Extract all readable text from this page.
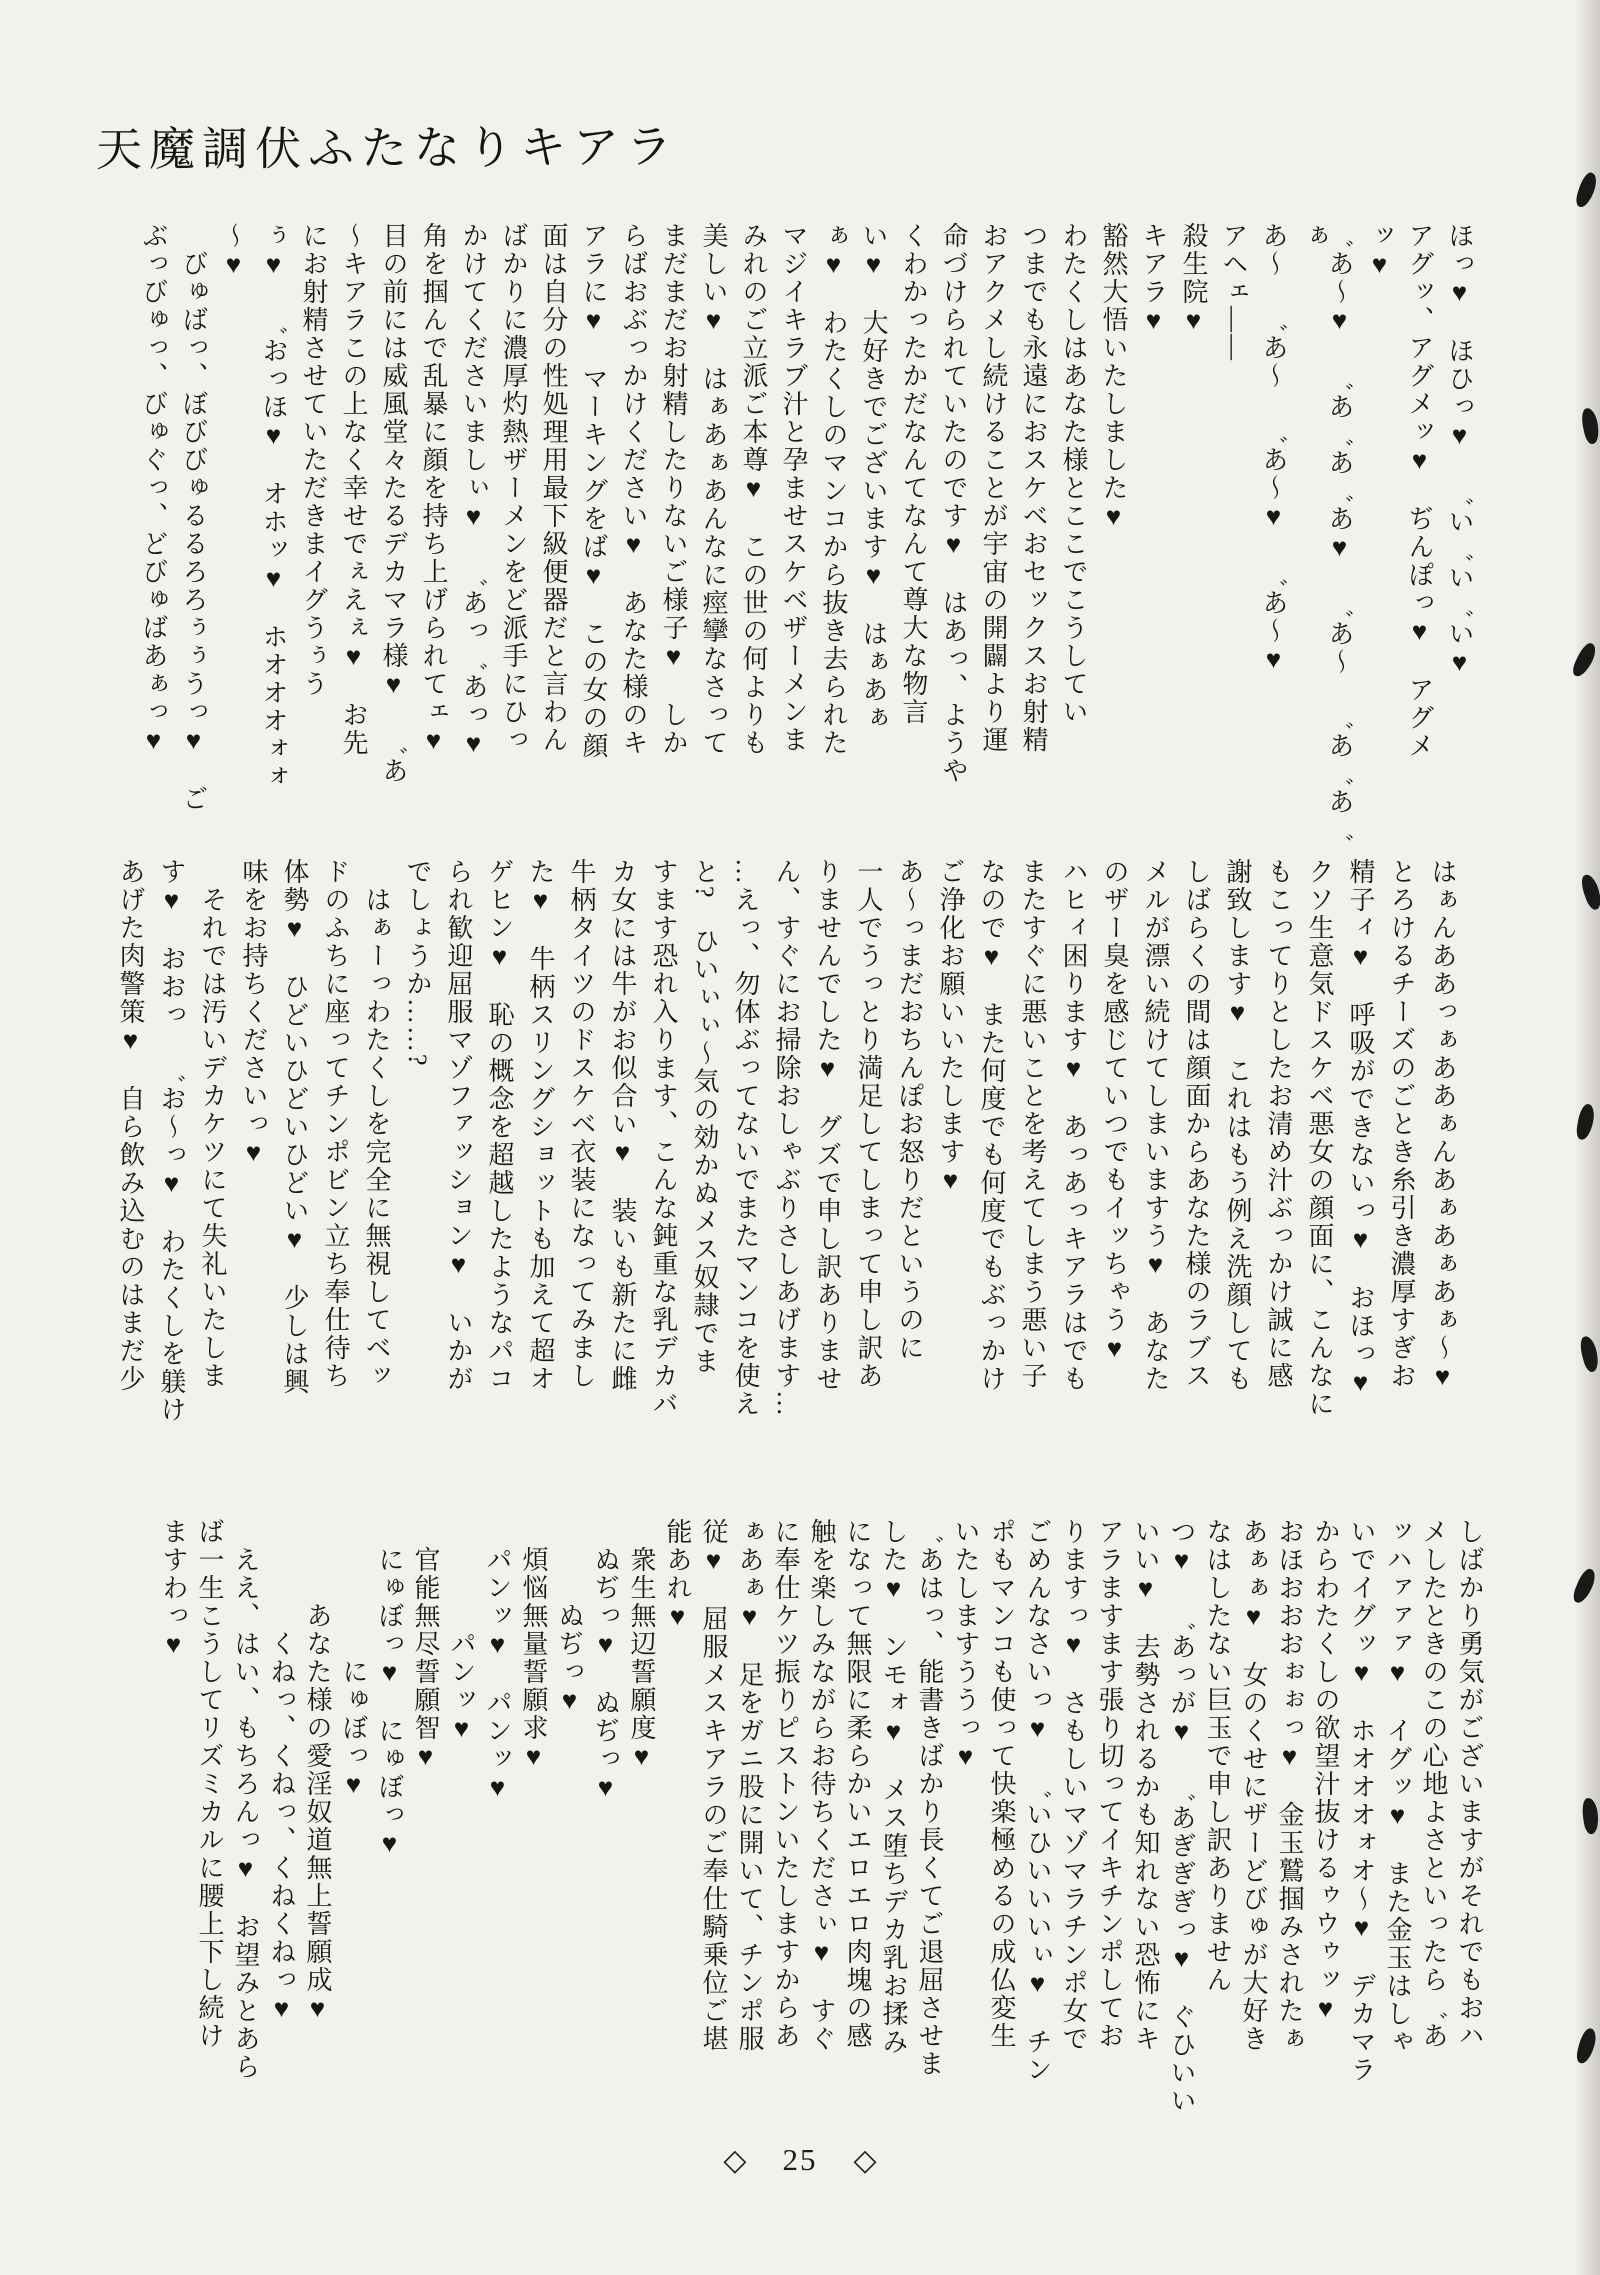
天魔調伏ふたなりキアラ
ほっ♥　ほひっ♥　゛い゛い゛い♥
アグッ、アグメッ♥　ぢんぽっ♥　アグメ
ッ♥
゛あ〜♥　゛あ゛あ゛あ♥　゛あ〜　゛あ゛あ゛ぁ
あ〜　゛あ〜　゛あ〜♥　゛あ〜♥
アヘェ――
殺生院♥
キアラ♥
豁然大悟いたしました♥
わたくしはあなた様とここでこうしてい
つまでも永遠におスケベおセックスお射精
おアクメし続けることが宇宙の開闢より運
命づけられていたのです♥　はあっ、ようや
くわかったかだなんてなんて尊大な物言
い♥　大好きでございます♥　はぁあぁ
ぁ♥　わたくしのマンコから抜き去られた
マジイキラブ汁と孕ませスケベザーメンま
みれのご立派ご本尊♥　この世の何よりも
美しい♥　はぁあぁあんなに痙攣なさって
まだまだお射精したりないご様子♥　しか
らばおぶっかけください♥　あなた様のキ
アラに♥　マーキングをば♥　この女の顔
面は自分の性処理用最下級便器だと言わん
ばかりに濃厚灼熱ザーメンをど派手にひっ
かけてくださいましぃ♥　゛あっ゛あっ♥
角を掴んで乱暴に顔を持ち上げられてェ♥
目の前には威風堂々たるデカマラ様♥　゛あ
〜キアラこの上なく幸せでぇえぇ♥　お先
にお射精させていただきまイグうぅう
ぅ♥　゛おっほ♥　オホッ♥　ホオオオォォ
〜♥
　びゅばっ、ぼびびゅるるろろぅぅうっ♥　ご
ぶっびゅっ、びゅぐっ、どびゅばあぁっ♥
はぁんああっぁああぁんあぁあぁあぁ〜♥
とろけるチーズのごとき糸引き濃厚すぎお
精子ィ♥　呼吸ができないっ♥　おほっ♥
クソ生意気ドスケベ悪女の顔面に、こんなに
もこってりとしたお清め汁ぶっかけ誠に感
謝致します♥　これはもう例え洗顔しても
しばらくの間は顔面からあなた様のラブス
メルが漂い続けてしまいますう♥　あなた
のザー臭を感じていつでもイッちゃう♥
ハヒィ困ります♥　あっあっキアラはでも
またすぐに悪いことを考えてしまう悪い子
なので♥　また何度でも何度でもぶっかけ
ご浄化お願いいたします♥
あ〜っまだおちんぽお怒りだというのに
一人でうっとり満足してしまって申し訳あ
りませんでした♥　グズで申し訳ありませ
ん、すぐにお掃除おしゃぶりさしあげます…
…えっ、勿体ぶってないでまたマンコを使え
と?　ひいぃぃ〜気の効かぬメス奴隷でま
すます恐れ入ります、こんな鈍重な乳デカバ
カ女には牛がお似合い♥　装いも新たに雌
牛柄タイツのドスケベ衣装になってみまし
た♥　牛柄スリングショットも加えて超オ
ゲヒン♥　恥の概念を超越したようなパコ
られ歓迎屈服マゾファッション♥　いかが
でしょうか……?
　はぁーっわたくしを完全に無視してベッ
ドのふちに座ってチンポビン立ち奉仕待ち
体勢♥　ひどいひどいひどい♥　少しは興
味をお持ちくださいっ♥
　それでは汚いデカケツにて失礼いたしま
す♥　おおっ　゛お〜っ♥　わたくしを躾け
あげた肉警策♥　自ら飲み込むのはまだ少
しばかり勇気がございますがそれでもおハ
メしたときのこの心地よさといったら゛あ
ッハァァァ♥　イグッ♥　また金玉はしゃ
いでイグッ♥　ホオオオォオ〜♥　デカマラ
からわたくしの欲望汁抜けるゥウゥッ♥
おほおおおぉぉっ♥　金玉鷲掴みされたぁ
あぁぁ♥　女のくせにザーどびゅが大好き
なはしたない巨玉で申し訳ありません
つ♥　゛あっが♥　゛あぎぎぎっ♥　ぐひいい
いい♥　去勢されるかも知れない恐怖にキ
アラますます張り切ってイキチンポしてお
りますっ♥　さもしいマゾマラチンポ女で
ごめんなさいっ♥　゛いひいいいぃ♥　チン
ポもマンコも使って快楽極めるの成仏変生
いたしますううっ♥
゛あはっ、能書きばかり長くてご退屈させま
した♥　ンモォ♥　メス堕ちデカ乳お揉み
になって無限に柔らかいエロエロ肉塊の感
触を楽しみながらお待ちくださぃ♥　すぐ
に奉仕ケツ振りピストンいたしますからあ
ぁあぁ♥　足をガニ股に開いて、チンポ服
従♥　屈服メスキアラのご奉仕騎乗位ご堪
能あれ♥
　衆生無辺誓願度♥
　ぬぢっ♥　ぬぢっ♥
　　　ぬぢっ♥
　煩悩無量誓願求♥
　パンッ♥　パンッ♥
　　　　パンッ♥
　官能無尽誓願智♥
　にゅぼっ♥　にゅぼっ♥
　　　　　にゅぼっ♥
　　　あなた様の愛淫奴道無上誓願成♥
　　　　くねっ、くねっ、くねくねっ♥
　ええ、はい、もちろんっ♥　お望みとあら
ば一生こうしてリズミカルに腰上下し続け
ますわっ♥
◇ 25 ◇
